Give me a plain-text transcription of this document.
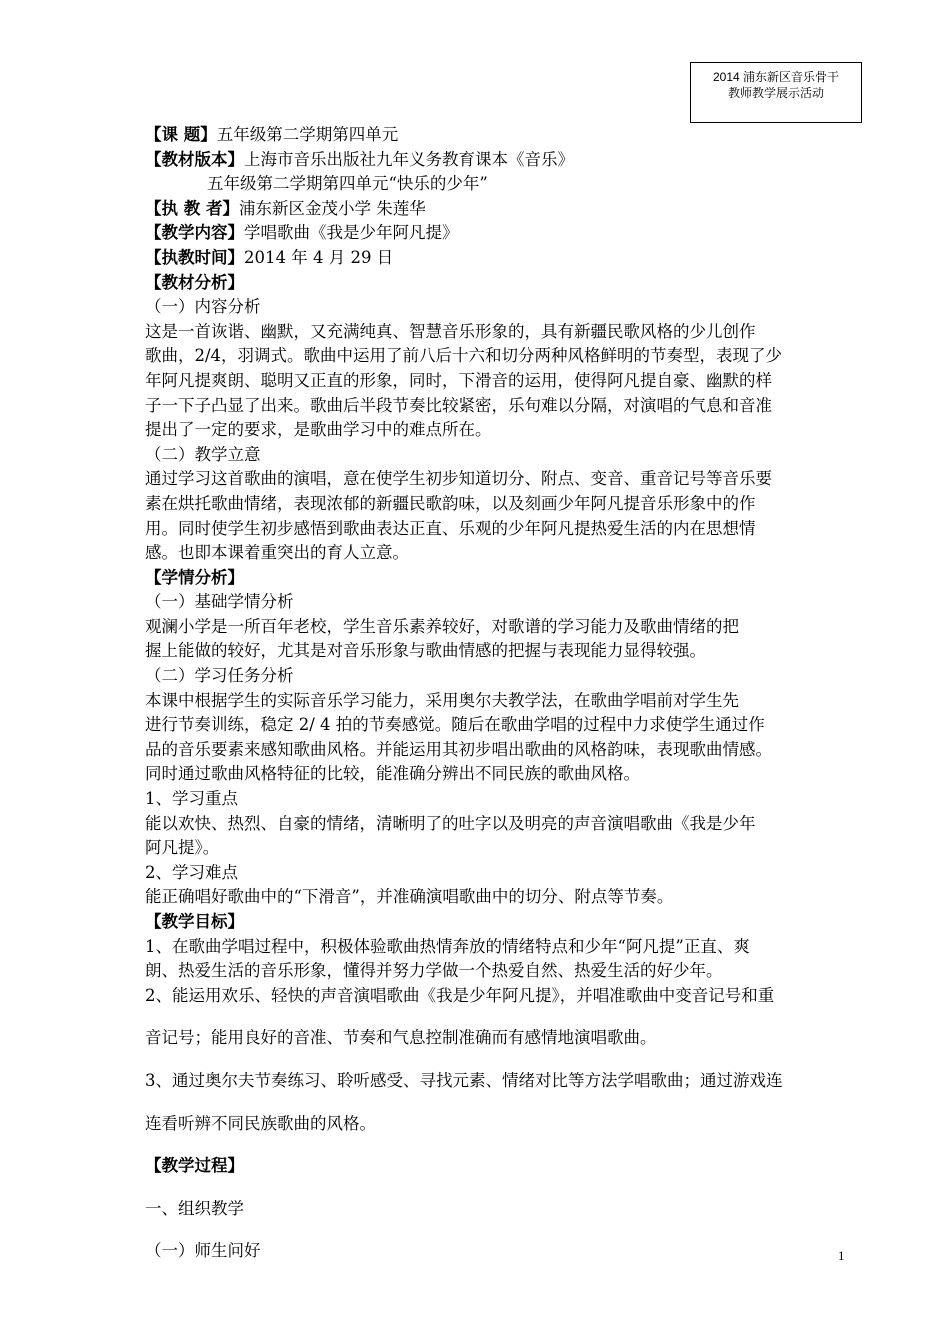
2014 浦东新区音乐骨干
教师教学展示活动
【课 题】五年级第二学期第四单元
【教材版本】上海市音乐出版社九年义务教育课本《音乐》
五年级第二学期第四单元“快乐的少年”
【执 教 者】浦东新区金茂小学 朱莲华
【教学内容】学唱歌曲《我是少年阿凡提》
【执教时间】2014 年 4 月 29 日
【教材分析】
（一）内容分析
这是一首诙谐、幽默，又充满纯真、智慧音乐形象的，具有新疆民歌风格的少儿创作
歌曲，2/4，羽调式。歌曲中运用了前八后十六和切分两种风格鲜明的节奏型，表现了少
年阿凡提爽朗、聪明又正直的形象，同时，下滑音的运用，使得阿凡提自豪、幽默的样
子一下子凸显了出来。歌曲后半段节奏比较紧密，乐句难以分隔，对演唱的气息和音准
提出了一定的要求，是歌曲学习中的难点所在。
（二）教学立意
通过学习这首歌曲的演唱，意在使学生初步知道切分、附点、变音、重音记号等音乐要
素在烘托歌曲情绪，表现浓郁的新疆民歌韵味，以及刻画少年阿凡提音乐形象中的作
用。同时使学生初步感悟到歌曲表达正直、乐观的少年阿凡提热爱生活的内在思想情
感。也即本课着重突出的育人立意。
【学情分析】
（一）基础学情分析
观澜小学是一所百年老校，学生音乐素养较好，对歌谱的学习能力及歌曲情绪的把
握上能做的较好，尤其是对音乐形象与歌曲情感的把握与表现能力显得较强。
（二）学习任务分析
本课中根据学生的实际音乐学习能力，采用奥尔夫教学法，在歌曲学唱前对学生先
进行节奏训练，稳定 2/ 4 拍的节奏感觉。随后在歌曲学唱的过程中力求使学生通过作
品的音乐要素来感知歌曲风格。并能运用其初步唱出歌曲的风格韵味，表现歌曲情感。
同时通过歌曲风格特征的比较，能准确分辨出不同民族的歌曲风格。
1、学习重点
能以欢快、热烈、自豪的情绪，清晰明了的吐字以及明亮的声音演唱歌曲《我是少年
阿凡提》。
2、学习难点
能正确唱好歌曲中的“下滑音”，并准确演唱歌曲中的切分、附点等节奏。
【教学目标】
1、在歌曲学唱过程中，积极体验歌曲热情奔放的情绪特点和少年“阿凡提”正直、爽
朗、热爱生活的音乐形象，懂得并努力学做一个热爱自然、热爱生活的好少年。
2、能运用欢乐、轻快的声音演唱歌曲《我是少年阿凡提》，并唱准歌曲中变音记号和重
音记号；能用良好的音准、节奏和气息控制准确而有感情地演唱歌曲。
3、通过奥尔夫节奏练习、聆听感受、寻找元素、情绪对比等方法学唱歌曲；通过游戏连
连看听辨不同民族歌曲的风格。
【教学过程】
一、组织教学
（一）师生问好	1
